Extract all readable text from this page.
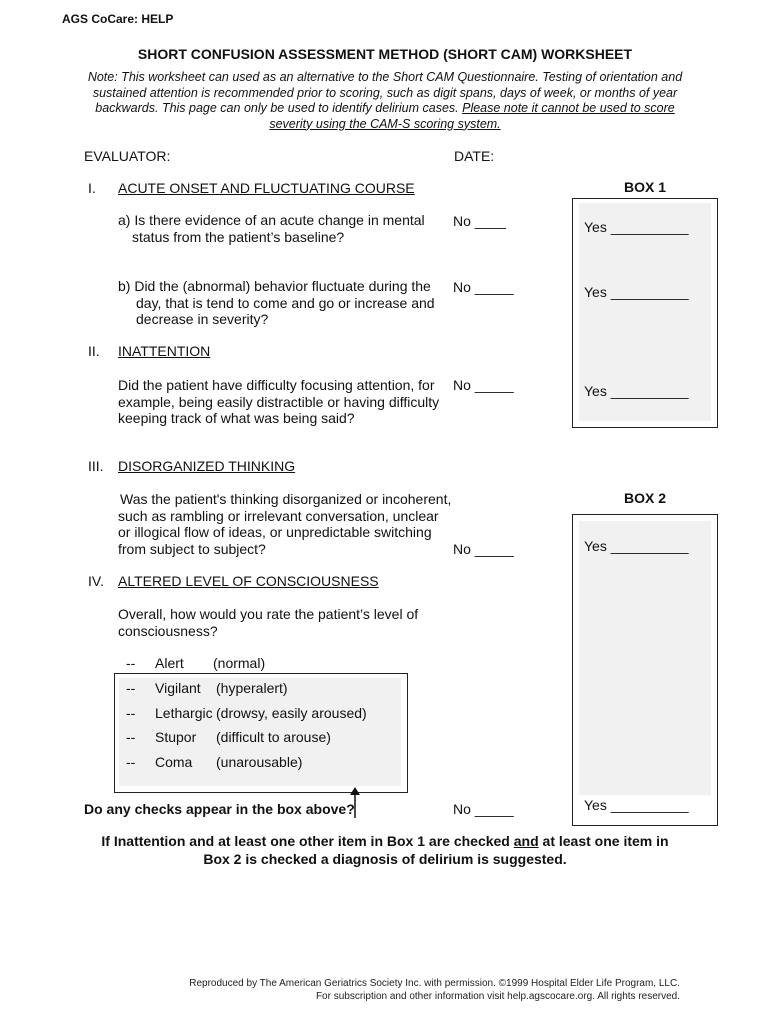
AGS CoCare: HELP
SHORT CONFUSION ASSESSMENT METHOD (SHORT CAM) WORKSHEET
Note: This worksheet can used as an alternative to the Short CAM Questionnaire. Testing of orientation and sustained attention is recommended prior to scoring, such as digit spans, days of week, or months of year backwards. This page can only be used to identify delirium cases. Please note it cannot be used to score severity using the CAM-S scoring system.
EVALUATOR:	DATE:
BOX 1
BOX 2
I. ACUTE ONSET AND FLUCTUATING COURSE
a) Is there evidence of an acute change in mental
status from the patient’s baseline?
No ____	Yes __________
b) Did the (abnormal) behavior fluctuate during the
day, that is tend to come and go or increase and
decrease in severity?
No _____	Yes __________
II. INATTENTION
Did the patient have difficulty focusing attention, for
example, being easily distractible or having difficulty
keeping track of what was being said?
No _____	Yes __________
III. DISORGANIZED THINKING
Was the patient's thinking disorganized or incoherent,
such as rambling or irrelevant conversation, unclear
or illogical flow of ideas, or unpredictable switching
from subject to subject?	No _____	Yes __________
IV. ALTERED LEVEL OF CONSCIOUSNESS
Overall, how would you rate the patient’s level of
consciousness?
-- Alert (normal)
-- Vigilant (hyperalert)
-- Lethargic (drowsy, easily aroused)
-- Stupor (difficult to arouse)
-- Coma (unarousable)
Do any checks appear in the box above?	No _____	Yes __________
If Inattention and at least one other item in Box 1 are checked and at least one item in
Box 2 is checked a diagnosis of delirium is suggested.
Reproduced by The American Geriatrics Society Inc. with permission. ©1999 Hospital Elder Life Program, LLC.
For subscription and other information visit help.agscocare.org. All rights reserved.
